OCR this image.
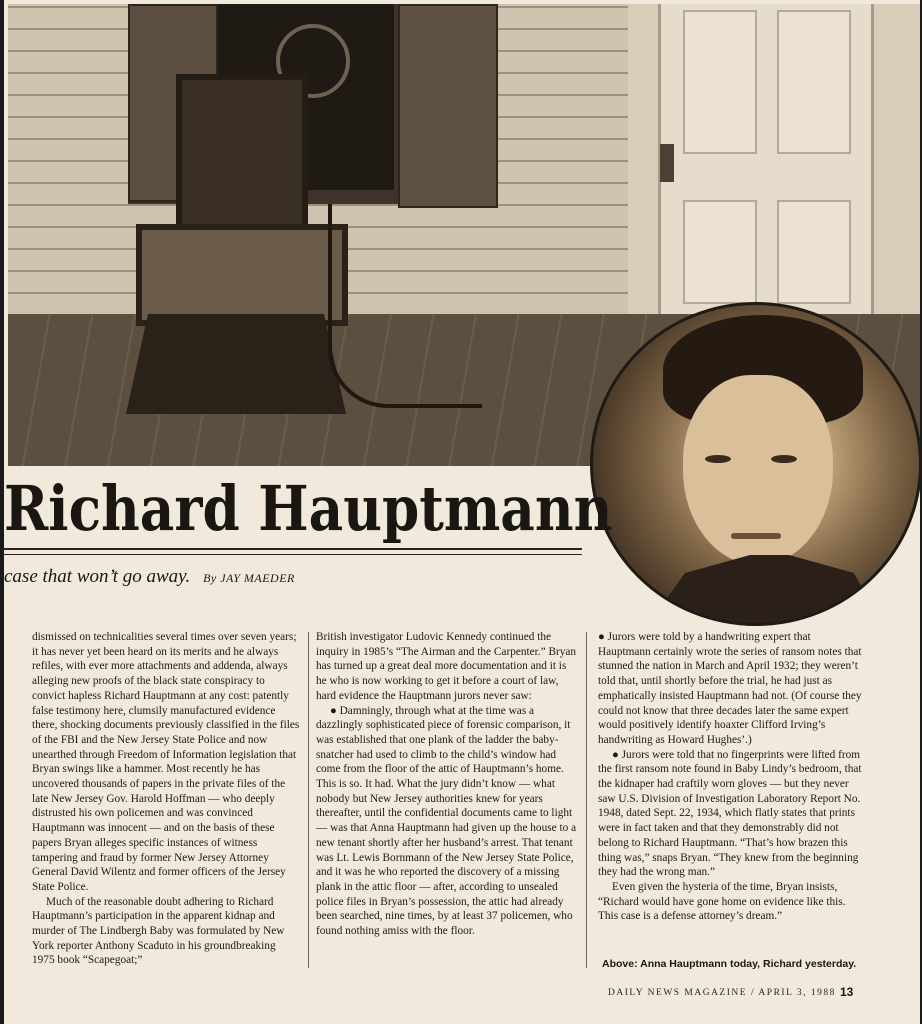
Richard Hauptmann
case that won’t go away. By JAY MAEDER

dismissed on technicalities several times over seven years; it has never yet been heard on its merits and he always refiles, with ever more attachments and addenda, always alleging new proofs of the black state conspiracy to convict hapless Richard Hauptmann at any cost: patently false testimony here, clumsily manufactured evidence there, shocking documents previously classified in the files of the FBI and the New Jersey State Police and now unearthed through Freedom of Information legislation that Bryan swings like a hammer. Most recently he has uncovered thousands of papers in the private files of the late New Jersey Gov. Harold Hoffman — who deeply distrusted his own policemen and was convinced Hauptmann was innocent — and on the basis of these papers Bryan alleges specific instances of witness tampering and fraud by former New Jersey Attorney General David Wilentz and former officers of the Jersey State Police.

Much of the reasonable doubt adhering to Richard Hauptmann’s participation in the apparent kidnap and murder of The Lindbergh Baby was formulated by New York reporter Anthony Scaduto in his groundbreaking 1975 book “Scapegoat;”

British investigator Ludovic Kennedy continued the inquiry in 1985’s “The Airman and the Carpenter.” Bryan has turned up a great deal more documentation and it is he who is now working to get it before a court of law, hard evidence the Hauptmann jurors never saw:

● Damningly, through what at the time was a dazzlingly sophisticated piece of forensic comparison, it was established that one plank of the ladder the baby-snatcher had used to climb to the child’s window had come from the floor of the attic of Hauptmann’s home. This is so. It had. What the jury didn’t know — what nobody but New Jersey authorities knew for years thereafter, until the confidential documents came to light — was that Anna Hauptmann had given up the house to a new tenant shortly after her husband’s arrest. That tenant was Lt. Lewis Bornmann of the New Jersey State Police, and it was he who reported the discovery of a missing plank in the attic floor — after, according to unsealed police files in Bryan’s possession, the attic had already been searched, nine times, by at least 37 policemen, who found nothing amiss with the floor.

● Jurors were told by a handwriting expert that Hauptmann certainly wrote the series of ransom notes that stunned the nation in March and April 1932; they weren’t told that, until shortly before the trial, he had just as emphatically insisted Hauptmann had not. (Of course they could not know that three decades later the same expert would positively identify hoaxter Clifford Irving’s handwriting as Howard Hughes’.)

● Jurors were told that no fingerprints were lifted from the first ransom note found in Baby Lindy’s bedroom, that the kidnaper had craftily worn gloves — but they never saw U.S. Division of Investigation Laboratory Report No. 1948, dated Sept. 22, 1934, which flatly states that prints were in fact taken and that they demonstrably did not belong to Richard Hauptmann. “That’s how brazen this thing was,” snaps Bryan. “They knew from the beginning they had the wrong man.”

Even given the hysteria of the time, Bryan insists, “Richard would have gone home on evidence like this. This case is a defense attorney’s dream.”

Above: Anna Hauptmann today, Richard yesterday.
DAILY NEWS MAGAZINE / APRIL 3, 1988 13
